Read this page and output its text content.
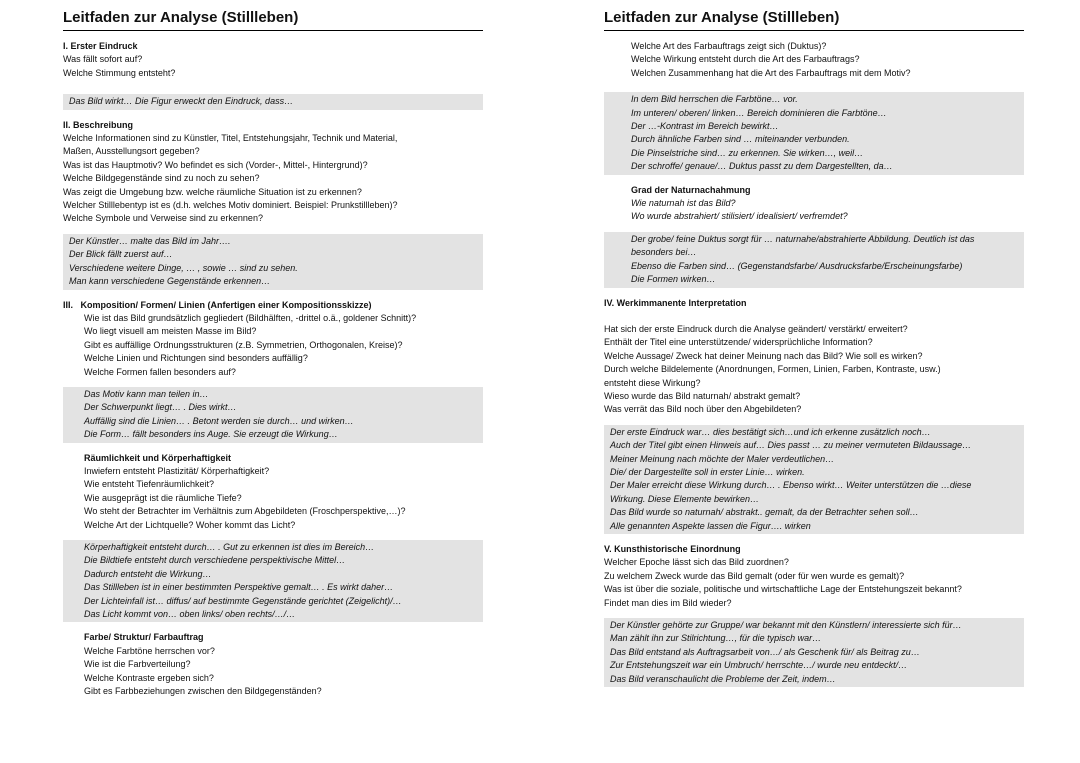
Leitfaden zur Analyse (Stillleben)
I. Erster Eindruck
Was fällt sofort auf?
Welche Stimmung entsteht?
Das Bild wirkt… Die Figur erweckt den Eindruck, dass…
II. Beschreibung
Welche Informationen sind zu Künstler, Titel, Entstehungsjahr, Technik und Material,
Maßen, Ausstellungsort gegeben?
Was ist das Hauptmotiv? Wo befindet es sich (Vorder-, Mittel-, Hintergrund)?
Welche Bildgegenstände sind zu noch zu sehen?
Was zeigt die Umgebung bzw. welche räumliche Situation ist zu erkennen?
Welcher Stilllebentyp ist es (d.h. welches Motiv dominiert. Beispiel: Prunkstillleben)?
Welche Symbole und Verweise sind zu erkennen?
Der Künstler… malte das Bild im Jahr….
Der Blick fällt zuerst auf…
Verschiedene weitere Dinge, … , sowie … sind zu sehen.
Man kann verschiedene Gegenstände erkennen…
III.   Komposition/ Formen/ Linien (Anfertigen einer Kompositionsskizze)
Wie ist das Bild grundsätzlich gegliedert (Bildhälften, -drittel o.ä., goldener Schnitt)?
Wo liegt visuell am meisten Masse im Bild?
Gibt es auffällige Ordnungsstrukturen (z.B. Symmetrien, Orthogonalen, Kreise)?
Welche Linien und Richtungen sind besonders auffällig?
Welche Formen fallen besonders auf?
Das Motiv kann man teilen in…
Der Schwerpunkt liegt… . Dies wirkt…
Auffällig sind die Linien… . Betont werden sie durch… und wirken…
Die Form… fällt besonders ins Auge. Sie erzeugt die Wirkung…
Räumlichkeit und Körperhaftigkeit
Inwiefern entsteht Plastizität/ Körperhaftigkeit?
Wie entsteht Tiefenräumlichkeit?
Wie ausgeprägt ist die räumliche Tiefe?
Wo steht der Betrachter im Verhältnis zum Abgebildeten (Froschperspektive,…)?
Welche Art der Lichtquelle? Woher kommt das Licht?
Körperhaftigkeit entsteht durch… . Gut zu erkennen ist dies im Bereich…
Die Bildtiefe entsteht durch verschiedene perspektivische Mittel…
Dadurch entsteht die Wirkung…
Das Stillleben ist in einer bestimmten Perspektive gemalt… . Es wirkt daher…
Der Lichteinfall ist… diffus/ auf bestimmte Gegenstände gerichtet (Zeigelicht)/…
Das Licht kommt von… oben links/ oben rechts/…/…
Farbe/ Struktur/ Farbauftrag
Welche Farbtöne herrschen vor?
Wie ist die Farbverteilung?
Welche Kontraste ergeben sich?
Gibt es Farbbeziehungen zwischen den Bildgegenständen?
Leitfaden zur Analyse (Stillleben)
Welche Art des Farbauftrags zeigt sich (Duktus)?
Welche Wirkung entsteht durch die Art des Farbauftrags?
Welchen Zusammenhang hat die Art des Farbauftrags mit dem Motiv?
In dem Bild herrschen die Farbtöne… vor.
Im unteren/ oberen/ linken… Bereich dominieren die Farbtöne…
Der …-Kontrast im Bereich bewirkt…
Durch ähnliche Farben sind … miteinander verbunden.
Die Pinselstriche sind… zu erkennen. Sie wirken…, weil…
Der schroffe/ genaue/… Duktus passt zu dem Dargestellten, da…
Grad der Naturnachahmung
Wie naturnah ist das Bild?
Wo wurde abstrahiert/ stilisiert/ idealisiert/ verfremdet?
Der grobe/ feine Duktus sorgt für … naturnahe/abstrahierte Abbildung. Deutlich ist das
besonders bei…
Ebenso die Farben sind… (Gegenstandsfarbe/ Ausdrucksfarbe/Erscheinungsfarbe)
Die Formen wirken…
IV. Werkimmanente Interpretation
Hat sich der erste Eindruck durch die Analyse geändert/ verstärkt/ erweitert?
Enthält der Titel eine unterstützende/ widersprüchliche Information?
Welche Aussage/ Zweck hat deiner Meinung nach das Bild? Wie soll es wirken?
Durch welche Bildelemente (Anordnungen, Formen, Linien, Farben, Kontraste, usw.)
entsteht diese Wirkung?
Wieso wurde das Bild naturnah/ abstrakt gemalt?
Was verrät das Bild noch über den Abgebildeten?
Der erste Eindruck war… dies bestätigt sich…und ich erkenne zusätzlich noch…
Auch der Titel gibt einen Hinweis auf… Dies passt … zu meiner vermuteten Bildaussage…
Meiner Meinung nach möchte der Maler verdeutlichen…
Die/ der Dargestellte soll in erster Linie… wirken.
Der Maler erreicht diese Wirkung durch… . Ebenso wirkt… Weiter unterstützen die …diese
Wirkung. Diese Elemente bewirken…
Das Bild wurde so naturnah/ abstrakt.. gemalt, da der Betrachter sehen soll…
Alle genannten Aspekte lassen die Figur…. wirken
V. Kunsthistorische Einordnung
Welcher Epoche lässt sich das Bild zuordnen?
Zu welchem Zweck wurde das Bild gemalt (oder für wen wurde es gemalt)?
Was ist über die soziale, politische und wirtschaftliche Lage der Entstehungszeit bekannt?
Findet man dies im Bild wieder?
Der Künstler gehörte zur Gruppe/ war bekannt mit den Künstlern/ interessierte sich für…
Man zählt ihn zur Stilrichtung…, für die typisch war…
Das Bild entstand als Auftragsarbeit von…/ als Geschenk für/ als Beitrag zu…
Zur Entstehungszeit war ein Umbruch/ herrschte…/ wurde neu entdeckt/…
Das Bild veranschaulicht die Probleme der Zeit, indem…
